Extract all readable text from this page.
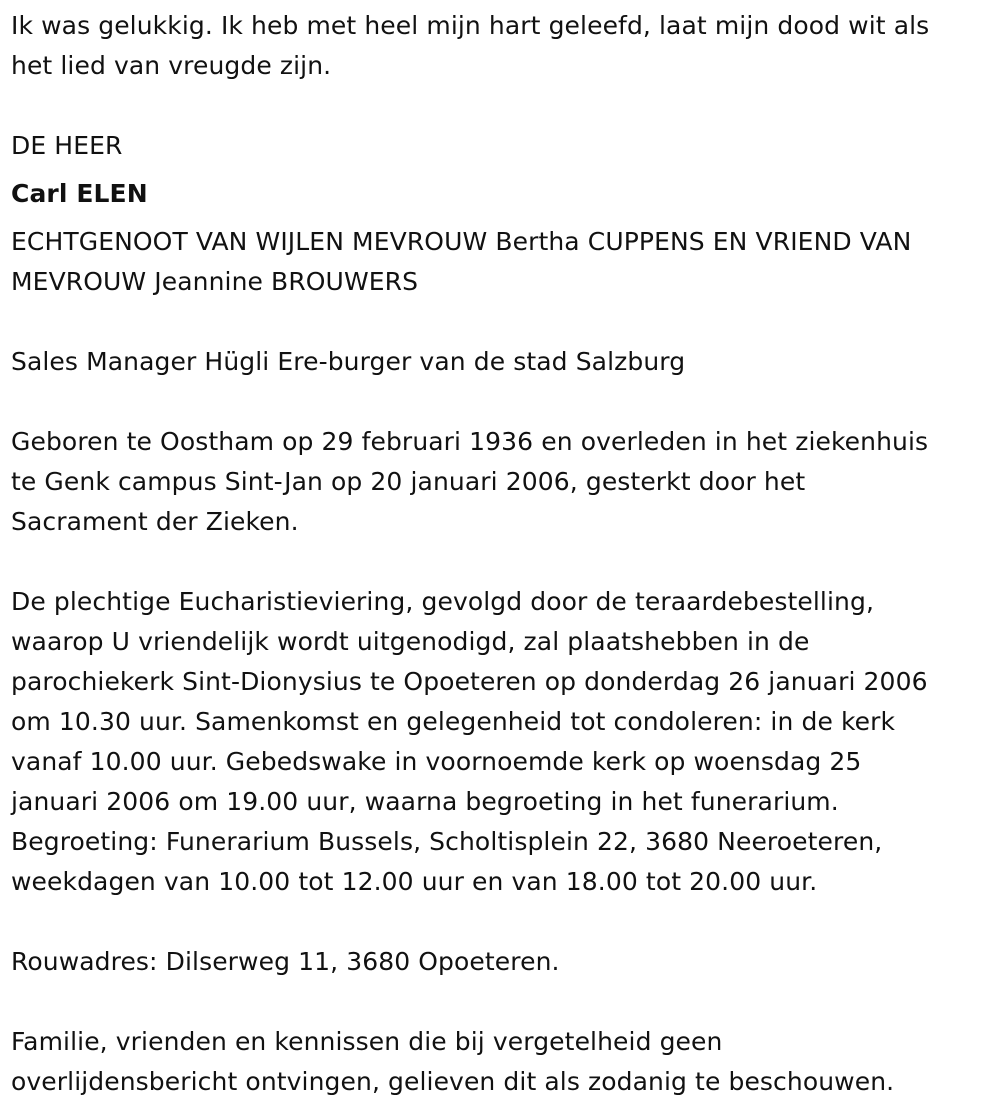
Ik was gelukkig. Ik heb met heel mijn hart geleefd, laat mijn dood wit als
het lied van vreugde zijn.

DE HEER

Carl ELEN

ECHTGENOOT VAN WIJLEN MEVROUW Bertha CUPPENS EN VRIEND VAN
MEVROUW Jeannine BROUWERS

Sales Manager Hügli Ere-burger van de stad Salzburg

Geboren te Oostham op 29 februari 1936 en overleden in het ziekenhuis
te Genk campus Sint-Jan op 20 januari 2006, gesterkt door het
Sacrament der Zieken.

De plechtige Eucharistieviering, gevolgd door de teraardebestelling,
waarop U vriendelijk wordt uitgenodigd, zal plaatshebben in de
parochiekerk Sint-Dionysius te Opoeteren op donderdag 26 januari 2006
om 10.30 uur. Samenkomst en gelegenheid tot condoleren: in de kerk
vanaf 10.00 uur. Gebedswake in voornoemde kerk op woensdag 25
januari 2006 om 19.00 uur, waarna begroeting in het funerarium.
Begroeting: Funerarium Bussels, Scholtisplein 22, 3680 Neeroeteren,
weekdagen van 10.00 tot 12.00 uur en van 18.00 tot 20.00 uur.

Rouwadres: Dilserweg 11, 3680 Opoeteren.

Familie, vrienden en kennissen die bij vergetelheid geen
overlijdensbericht ontvingen, gelieven dit als zodanig te beschouwen.
